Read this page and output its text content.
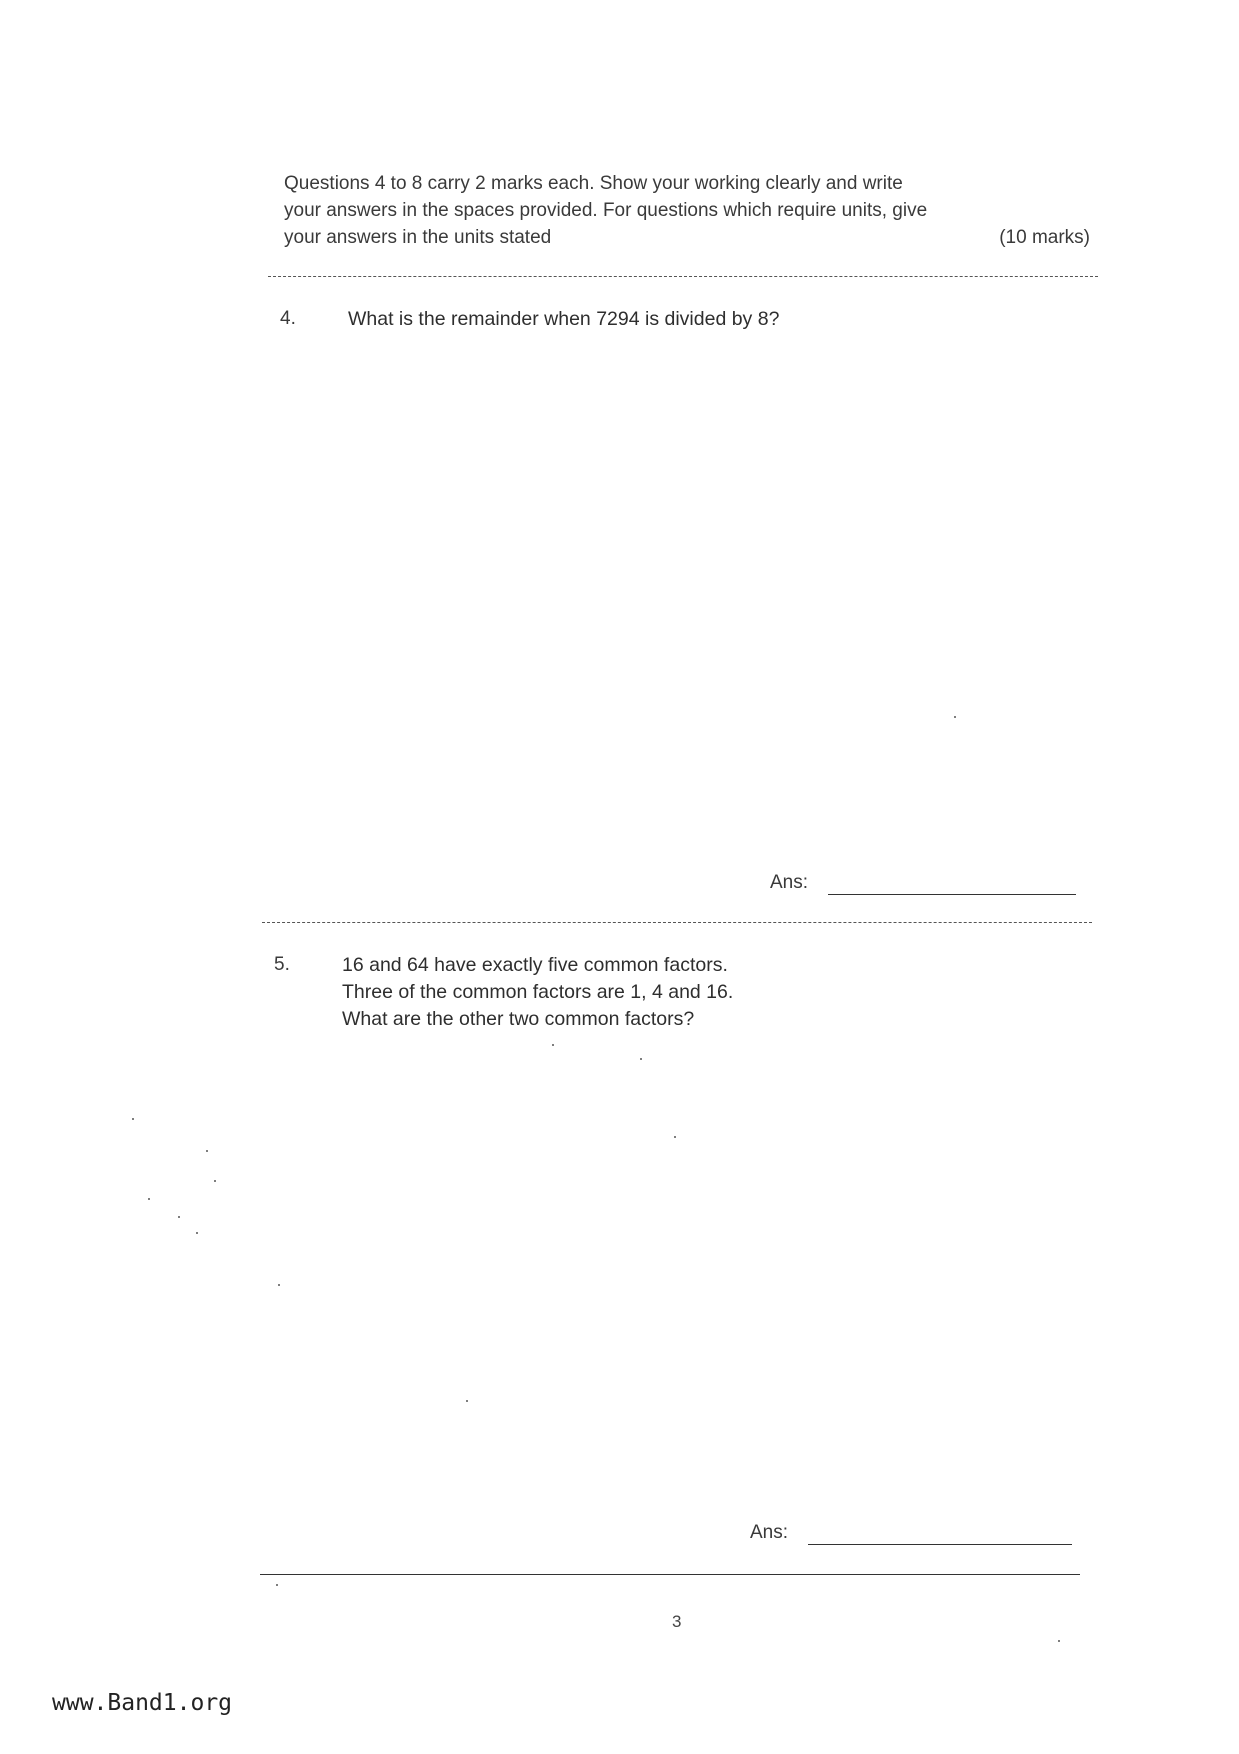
Questions 4 to 8 carry 2 marks each. Show your working clearly and write
your answers in the spaces provided. For questions which require units, give
your answers in the units stated	(10 marks)
4.	What is the remainder when 7294 is divided by 8?
Ans:
5.	16 and 64 have exactly five common factors.
Three of the common factors are 1, 4 and 16.
What are the other two common factors?
Ans:
3
www.Band1.org
